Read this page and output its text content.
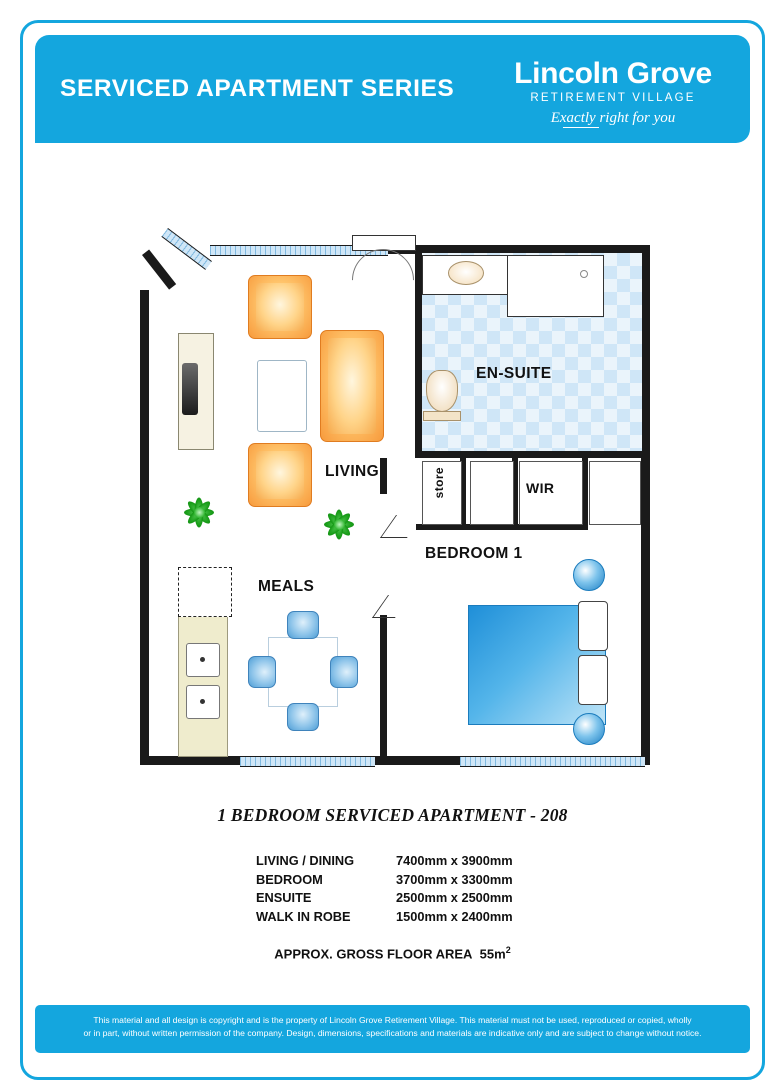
SERVICED APARTMENT SERIES	Lincoln Grove
RETIREMENT VILLAGE
Exactly right for you
EN-SUITE
LIVING
MEALS
BEDROOM 1
store	WIR
1 BEDROOM SERVICED APARTMENT - 208
LIVING / DINING	7400mm x 3900mm
BEDROOM	3700mm x 3300mm
ENSUITE	2500mm x 2500mm
WALK IN ROBE	1500mm x 2400mm
APPROX. GROSS FLOOR AREA $55m^2$
This material and all design is copyright and is the property of Lincoln Grove Retirement Village. This material must not be used, reproduced or copied, wholly
or in part, without written permission of the company. Design, dimensions, specifications and materials are indicative only and are subject to change without notice.
